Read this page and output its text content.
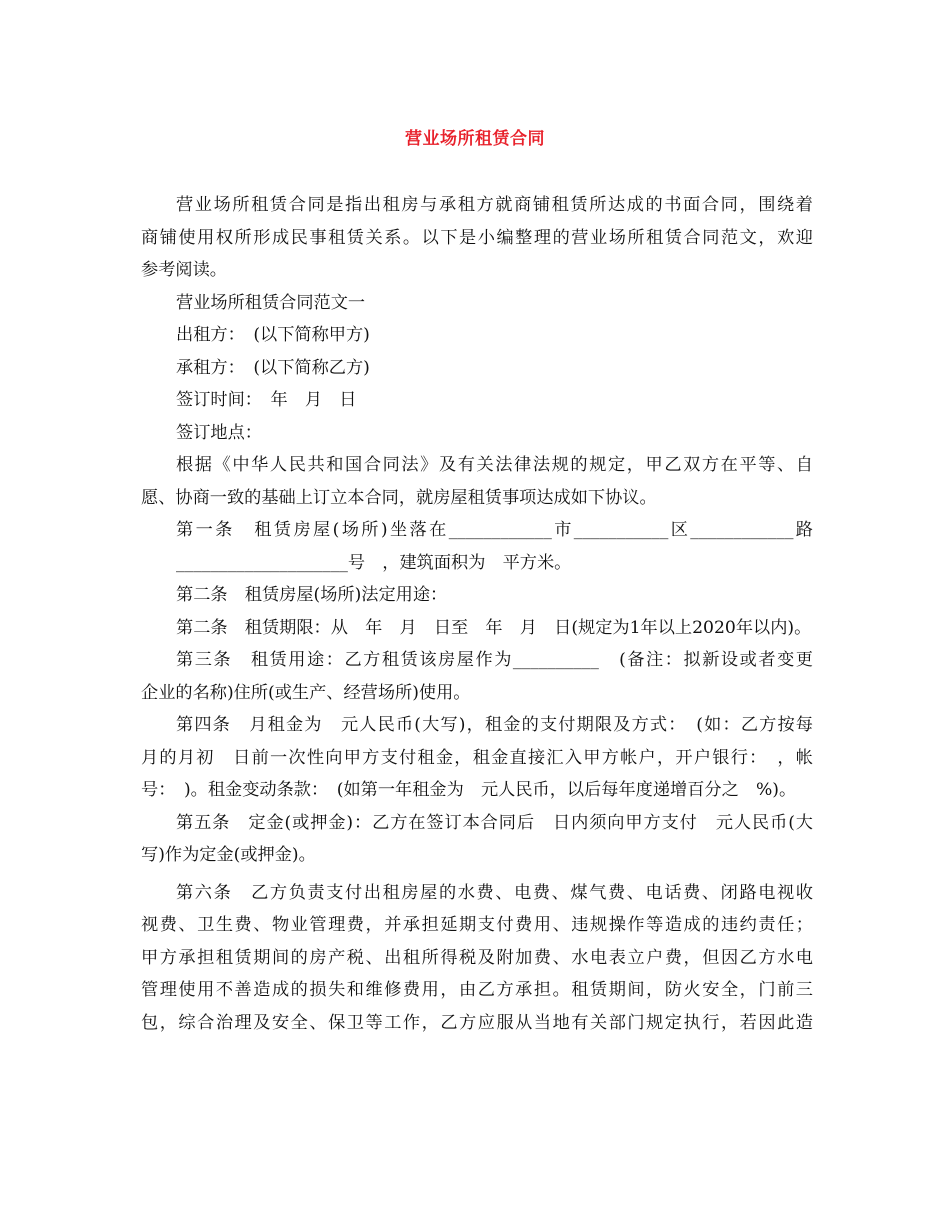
营业场所租赁合同
营业场所租赁合同是指出租房与承租方就商铺租赁所达成的书面合同，围绕着
商铺使用权所形成民事租赁关系。以下是小编整理的营业场所租赁合同范文，欢迎
参考阅读。
营业场所租赁合同范文一
出租方：　(以下简称甲方)
承租方：　(以下简称乙方)
签订时间：　年　月　日
签订地点：
根据《中华人民共和国合同法》及有关法律法规的规定，甲乙双方在平等、自
愿、协商一致的基础上订立本合同，就房屋租赁事项达成如下协议。
第一条　租赁房屋(场所)坐落在____________市___________区____________路
____________________号　，建筑面积为　平方米。
第二条　租赁房屋(场所)法定用途：
第二条　租赁期限：从　年　月　日至　年　月　日(规定为1年以上2020年以内)。
第三条　租赁用途：乙方租赁该房屋作为__________　(备注：拟新设或者变更
企业的名称)住所(或生产、经营场所)使用。
第四条　月租金为　元人民币(大写)，租金的支付期限及方式：　(如：乙方按每
月的月初　日前一次性向甲方支付租金，租金直接汇入甲方帐户，开户银行：　，帐
号：　)。租金变动条款：　(如第一年租金为　元人民币，以后每年度递增百分之　%)。
第五条　定金(或押金)：乙方在签订本合同后　日内须向甲方支付　元人民币(大
写)作为定金(或押金)。
第六条　乙方负责支付出租房屋的水费、电费、煤气费、电话费、闭路电视收
视费、卫生费、物业管理费，并承担延期支付费用、违规操作等造成的违约责任；
甲方承担租赁期间的房产税、出租所得税及附加费、水电表立户费，但因乙方水电
管理使用不善造成的损失和维修费用，由乙方承担。租赁期间，防火安全，门前三
包，综合治理及安全、保卫等工作，乙方应服从当地有关部门规定执行，若因此造
